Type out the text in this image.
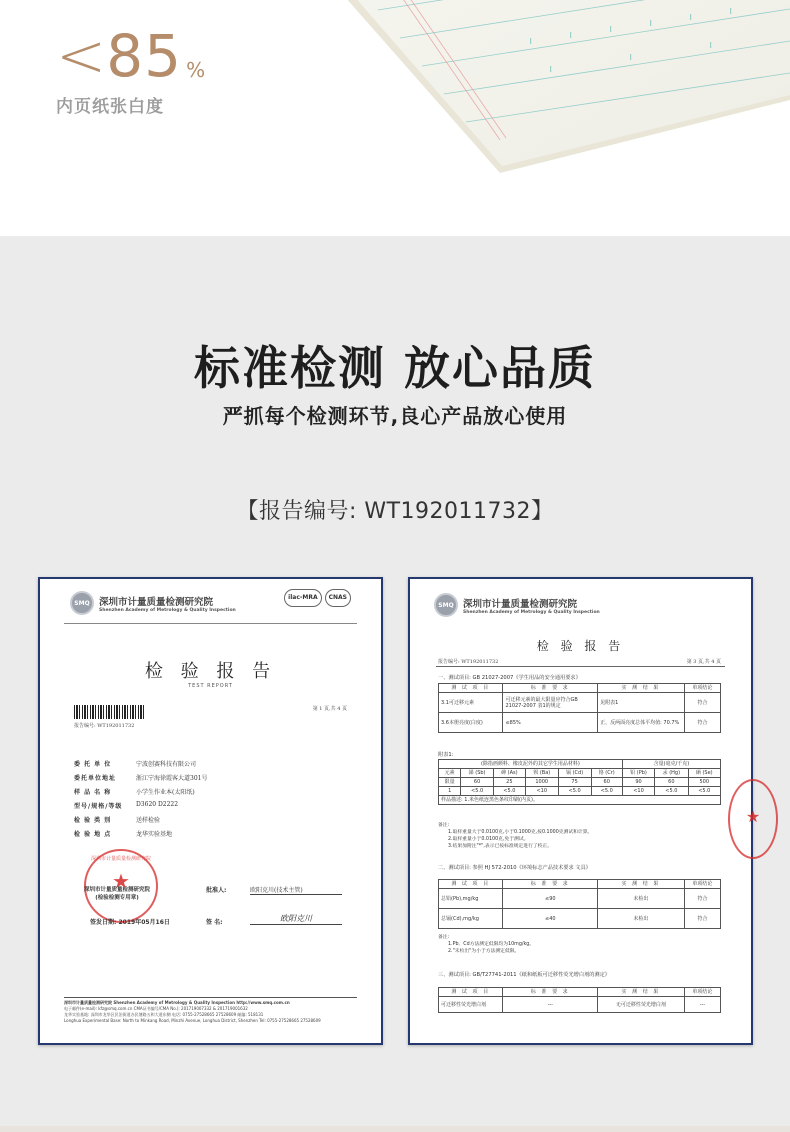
< 85 %
内页纸张白度
标准检测 放心品质
严抓每个检测环节,良心产品放心使用
【报告编号: WT192011732】
SMQ 深圳市计量质量检测研究院
Shenzhen Academy of Metrology & Quality Inspection
ilac-MRA	CNAS
检 验 报 告
TEST REPORT
报告编号: WT192011732
第 1 页,共 4 页
委 托 单 位	宁波创赛科技有限公司
委托单位地址	浙江宁海徐霞客大道301号
样 品 名 称	小学生作业本(太阳纸)
型号/规格/等级	D3620 D2222
检 验 类 别	送样检验
检 验 地 点	龙华实验基地
深圳市计量质量检测研究院
★
深圳市计量质量检测研究院
(检验检测专用章)
批准人:	欧阳克川(技术主管)
签发日期: 2019年05月16日	签 名:	欧阳克川
深圳市计量质量检测研究院 Shenzhen Academy of Metrology & Quality Inspection http://www.smq.com.cn
电子邮件(e-mail): kfz@smq.com.cn CMA证书编号/CMA No.): 201719007332 & 201719001632
龙华实验基地: 深圳市龙华区民治街道办民塘路五和大道东侧 电话: 0755-27528665 27528609 邮编: 518131
Longhua Experimental Base: North to Minkang Road, Minzhi Avenue, Longhua District, Shenzhen Tel: 0755-27528665 27528609
SMQ 深圳市计量质量检测研究院
Shenzhen Academy of Metrology & Quality Inspection
检 验 报 告
报告编号: WT192011732	第 3 页,共 4 页
一、测试项目: GB 21027-2007《学生用品的安全通用要求》
测 试 项 目	标 准 要 求	实 测 结 果	单项结论
3.1可迁移元素	可迁移元素的最大限量应符合GB 21027-2007 表1的规定	见附表1	符合
3.6本册亮度(白度)	≤85%	正、反两面亮度总体平均值: 70.7%	符合
附表1:
(除指画颜料、橡皮泥外的其它学生用品材料)						含量(毫克/千克)		
元素	锑 (Sb)	砷 (As)	钡 (Ba)	镉 (Cd)	铬 (Cr)	铅 (Pb)	汞 (Hg)	硒 (Se)
限量	60	25	1000	75	60	90	60	500
1	<5.0	<5.0	<10	<5.0	<5.0	<10	<5.0	<5.0
样品描述: 1.米色纸连黑色条纹印刷(内页)。								
备注:
1.取样重量大于0.0100克,小于0.1000克,按0.1000克测试和计算。
2.取样重量小于0.0100克,免于测试。
3.结果加附注"*",表示已按标准规定进行了校正。
二、测试项目: 参照 HJ 572-2010《环境标志产品技术要求 文具》
测 试 项 目	标 准 要 求	实 测 结 果	单项结论
总铅(Pb),mg/kg	≤90	未检出	符合
总镉(Cd),mg/kg	≤40	未检出	符合
备注:
1.Pb、Cd方法测定低限均为10mg/kg。
2."未检出"为小于方法测定低限。
三、测试项目: GB/T27741-2011《纸和纸板可迁移性荧光增白剂的测定》
测 试 项 目	标 准 要 求	实 测 结 果	单项结论
可迁移性荧光增白剂	---	无可迁移性荧光增白剂	---
★
